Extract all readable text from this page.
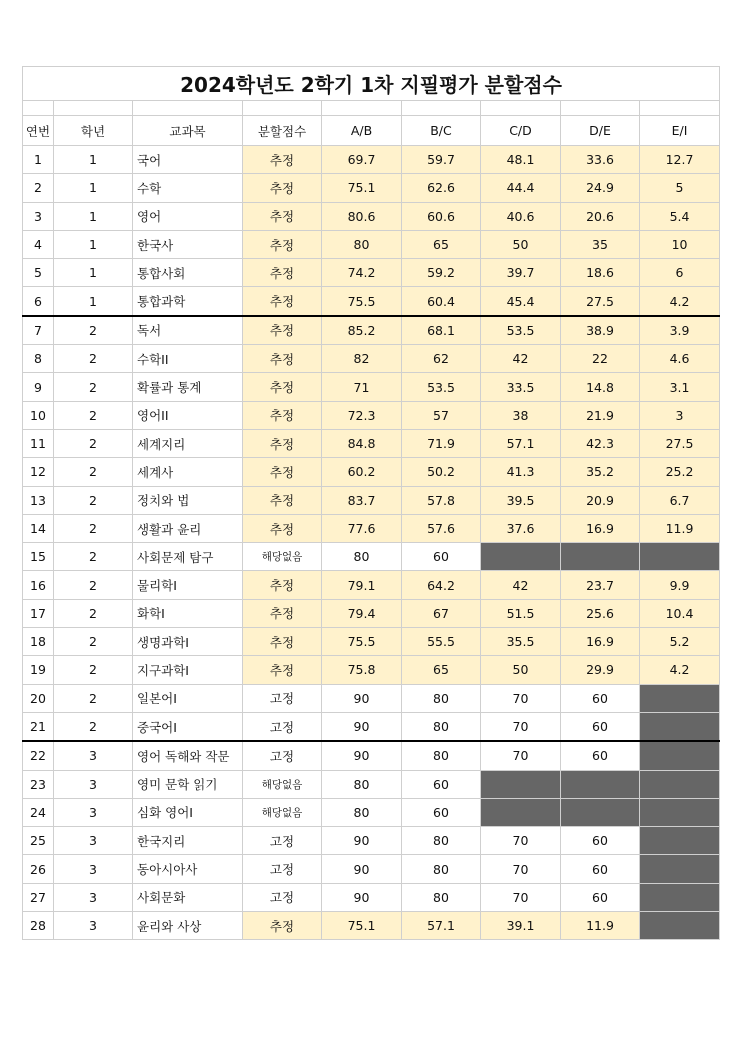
2024학년도 2학기 1차 지필평가 분할점수								

연번	학년	교과목	분할점수	A/B	B/C	C/D	D/E	E/I
1	1	국어	추정	69.7	59.7	48.1	33.6	12.7
2	1	수학	추정	75.1	62.6	44.4	24.9	5
3	1	영어	추정	80.6	60.6	40.6	20.6	5.4
4	1	한국사	추정	80	65	50	35	10
5	1	통합사회	추정	74.2	59.2	39.7	18.6	6
6	1	통합과학	추정	75.5	60.4	45.4	27.5	4.2
7	2	독서	추정	85.2	68.1	53.5	38.9	3.9
8	2	수학II	추정	82	62	42	22	4.6
9	2	확률과 통계	추정	71	53.5	33.5	14.8	3.1
10	2	영어II	추정	72.3	57	38	21.9	3
11	2	세계지리	추정	84.8	71.9	57.1	42.3	27.5
12	2	세계사	추정	60.2	50.2	41.3	35.2	25.2
13	2	정치와 법	추정	83.7	57.8	39.5	20.9	6.7
14	2	생활과 윤리	추정	77.6	57.6	37.6	16.9	11.9
15	2	사회문제 탐구	해당없음	80	60			
16	2	물리학I	추정	79.1	64.2	42	23.7	9.9
17	2	화학I	추정	79.4	67	51.5	25.6	10.4
18	2	생명과학I	추정	75.5	55.5	35.5	16.9	5.2
19	2	지구과학I	추정	75.8	65	50	29.9	4.2
20	2	일본어I	고정	90	80	70	60	
21	2	중국어I	고정	90	80	70	60	
22	3	영어 독해와 작문	고정	90	80	70	60	
23	3	영미 문학 읽기	해당없음	80	60			
24	3	심화 영어I	해당없음	80	60			
25	3	한국지리	고정	90	80	70	60	
26	3	동아시아사	고정	90	80	70	60	
27	3	사회문화	고정	90	80	70	60	
28	3	윤리와 사상	추정	75.1	57.1	39.1	11.9	
